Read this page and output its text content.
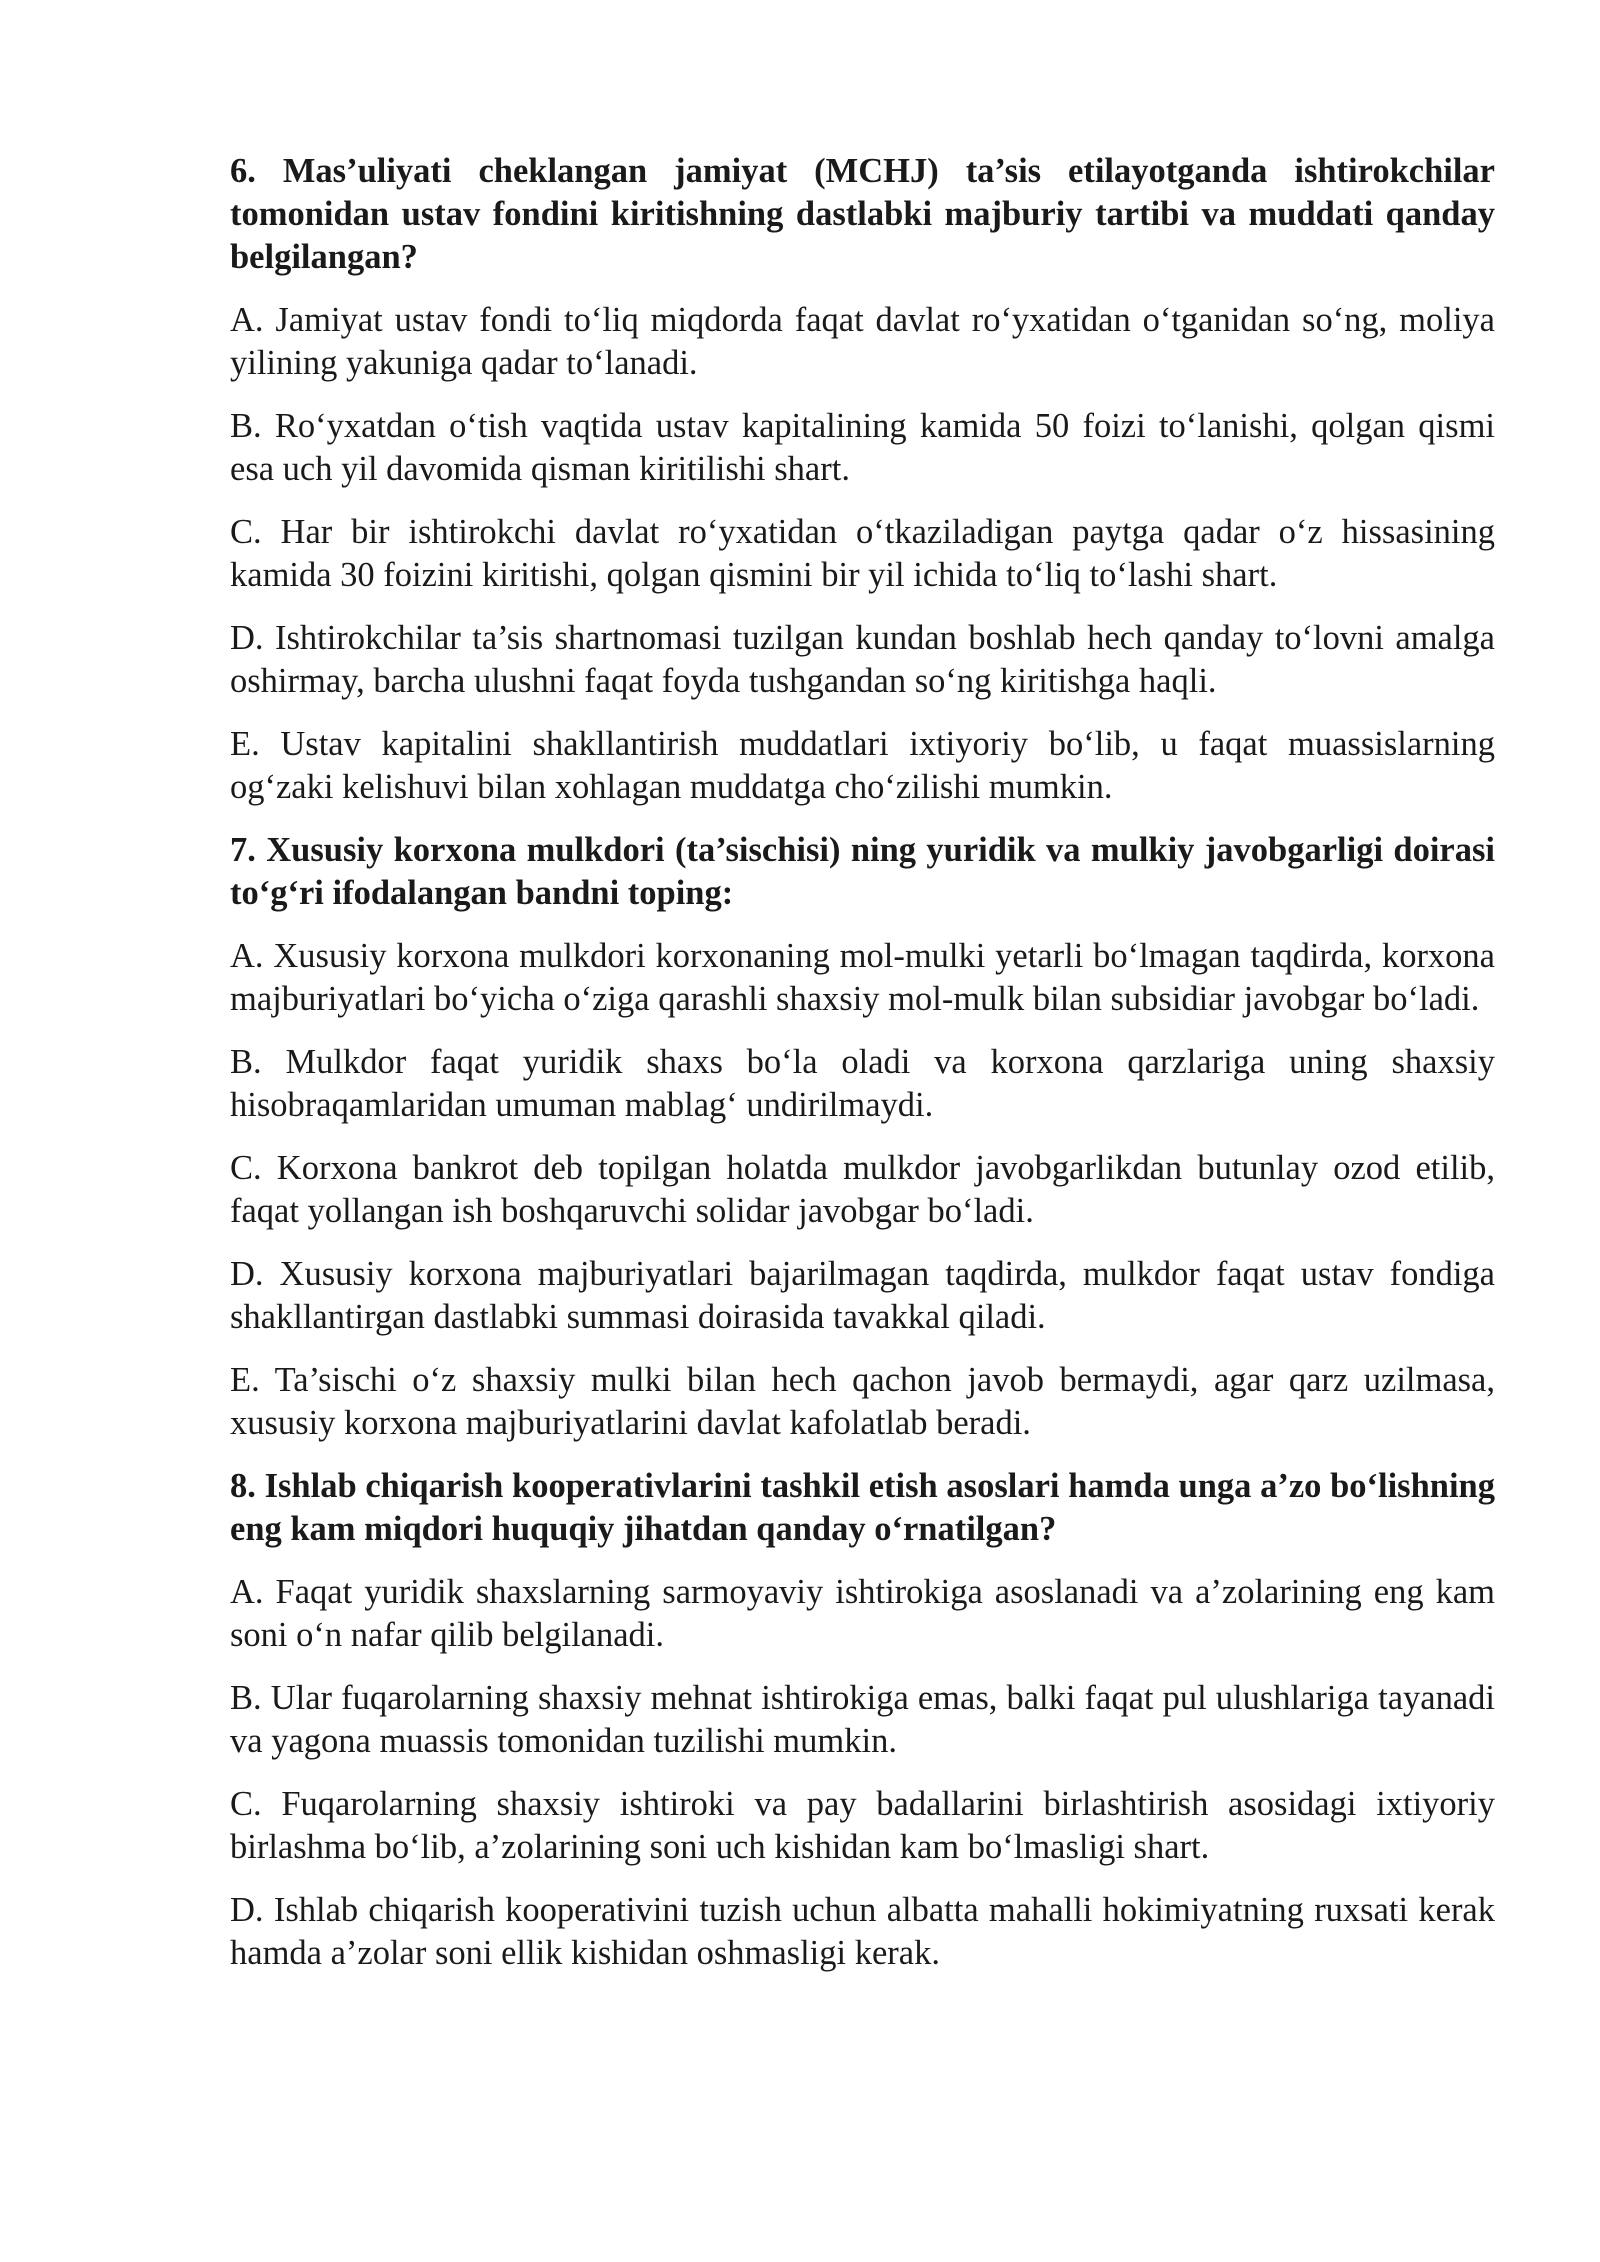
6. Mas’uliyati cheklangan jamiyat (MCHJ) ta’sis etilayotganda ishtirokchilar tomonidan ustav fondini kiritishning dastlabki majburiy tartibi va muddati qanday belgilangan?

A. Jamiyat ustav fondi to‘liq miqdorda faqat davlat ro‘yxatidan o‘tganidan so‘ng, moliya yilining yakuniga qadar to‘lanadi.

B. Ro‘yxatdan o‘tish vaqtida ustav kapitalining kamida 50 foizi to‘lanishi, qolgan qismi esa uch yil davomida qisman kiritilishi shart.

C. Har bir ishtirokchi davlat ro‘yxatidan o‘tkaziladigan paytga qadar o‘z hissasining kamida 30 foizini kiritishi, qolgan qismini bir yil ichida to‘liq to‘lashi shart.

D. Ishtirokchilar ta’sis shartnomasi tuzilgan kundan boshlab hech qanday to‘lovni amalga oshirmay, barcha ulushni faqat foyda tushgandan so‘ng kiritishga haqli.

E. Ustav kapitalini shakllantirish muddatlari ixtiyoriy bo‘lib, u faqat muassislarning og‘zaki kelishuvi bilan xohlagan muddatga cho‘zilishi mumkin.

7. Xususiy korxona mulkdori (ta’sischisi) ning yuridik va mulkiy javobgarligi doirasi to‘g‘ri ifodalangan bandni toping:

A. Xususiy korxona mulkdori korxonaning mol-mulki yetarli bo‘lmagan taqdirda, korxona majburiyatlari bo‘yicha o‘ziga qarashli shaxsiy mol-mulk bilan subsidiar javobgar bo‘ladi.

B. Mulkdor faqat yuridik shaxs bo‘la oladi va korxona qarzlariga uning shaxsiy hisobraqamlaridan umuman mablag‘ undirilmaydi.

C. Korxona bankrot deb topilgan holatda mulkdor javobgarlikdan butunlay ozod etilib, faqat yollangan ish boshqaruvchi solidar javobgar bo‘ladi.

D. Xususiy korxona majburiyatlari bajarilmagan taqdirda, mulkdor faqat ustav fondiga shakllantirgan dastlabki summasi doirasida tavakkal qiladi.

E. Ta’sischi o‘z shaxsiy mulki bilan hech qachon javob bermaydi, agar qarz uzilmasa, xususiy korxona majburiyatlarini davlat kafolatlab beradi.

8. Ishlab chiqarish kooperativlarini tashkil etish asoslari hamda unga a’zo bo‘lishning eng kam miqdori huquqiy jihatdan qanday o‘rnatilgan?

A. Faqat yuridik shaxslarning sarmoyaviy ishtirokiga asoslanadi va a’zolarining eng kam soni o‘n nafar qilib belgilanadi.

B. Ular fuqarolarning shaxsiy mehnat ishtirokiga emas, balki faqat pul ulushlariga tayanadi va yagona muassis tomonidan tuzilishi mumkin.

C. Fuqarolarning shaxsiy ishtiroki va pay badallarini birlashtirish asosidagi ixtiyoriy birlashma bo‘lib, a’zolarining soni uch kishidan kam bo‘lmasligi shart.

D. Ishlab chiqarish kooperativini tuzish uchun albatta mahalli hokimiyatning ruxsati kerak hamda a’zolar soni ellik kishidan oshmasligi kerak.
